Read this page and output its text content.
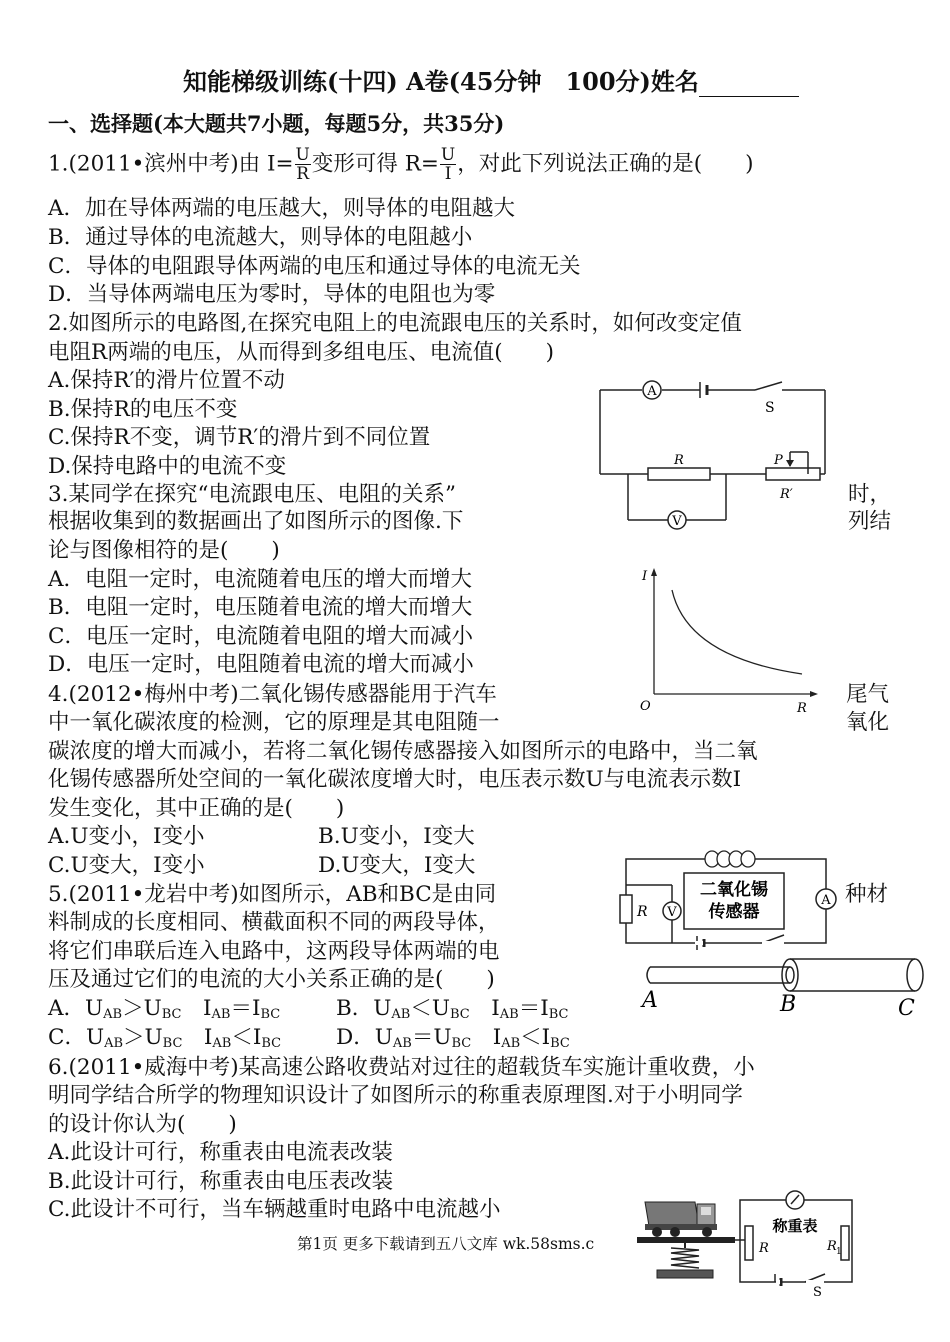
知能梯级训练(十四) A卷(45分钟　100分)姓名
一、选择题(本大题共7小题，每题5分，共35分)
1.(2011•滨州中考)由 $I= \frac{U}{R}$ 变形可得 $R= \frac{U}{I}$ ，对此下列说法正确的是(　　)
A．加在导体两端的电压越大，则导体的电阻越大
B．通过导体的电流越大，则导体的电阻越小
C．导体的电阻跟导体两端的电压和通过导体的电流无关
D．当导体两端电压为零时，导体的电阻也为零
2.如图所示的电路图,在探究电阻上的电流跟电压的关系时，如何改变定值
电阻R两端的电压，从而得到多组电压、电流值(　　)
A.保持R′的滑片位置不动
B.保持R的电压不变
C.保持R不变，调节R′的滑片到不同位置
D.保持电路中的电流不变
A
V
S
R	P
R′
3.某同学在探究“电流跟电压、电阻的关系”	时，
根据收集到的数据画出了如图所示的图像.下	列结
论与图像相符的是(　　)
A．电阻一定时，电流随着电压的增大而增大
B．电阻一定时，电压随着电流的增大而增大
C．电压一定时，电流随着电阻的增大而减小
D．电压一定时，电阻随着电流的增大而减小
I
R
O
4.(2012•梅州中考)二氧化锡传感器能用于汽车	尾气
中一氧化碳浓度的检测，它的原理是其电阻随一	氧化
碳浓度的增大而减小，若将二氧化锡传感器接入如图所示的电路中，当二氧
化锡传感器所处空间的一氧化碳浓度增大时，电压表示数U与电流表示数I
发生变化，其中正确的是(　　)
A.U变小，I变小	B.U变小，I变大
C.U变大，I变小	D.U变大，I变大
V
A
R
二氧化锡
传感器
5.(2011•龙岩中考)如图所示，AB和BC是由同	种材
料制成的长度相同、横截面积不同的两段导体，
将它们串联后连入电路中，这两段导体两端的电
压及通过它们的电流的大小关系正确的是(　　)
A．$U_{AB}>U_{BC}$　$I_{AB}=I_{BC}$	B．$U_{AB}<U_{BC}$　$I_{AB}=I_{BC}$
C．$U_{AB}>U_{BC}$　$I_{AB}<I_{BC}$	D．$U_{AB}=U_{BC}$　$I_{AB}<I_{BC}$
A	B	C
6.(2011•威海中考)某高速公路收费站对过往的超载货车实施计重收费，小
明同学结合所学的物理知识设计了如图所示的称重表原理图.对于小明同学
的设计你认为(　　)
A.此设计可行，称重表由电流表改装
B.此设计可行，称重表由电压表改装
C.此设计不可行，当车辆越重时电路中电流越小
称重表
R	R 1
S
第1页 更多下载请到五八文库 wk.58sms.c
